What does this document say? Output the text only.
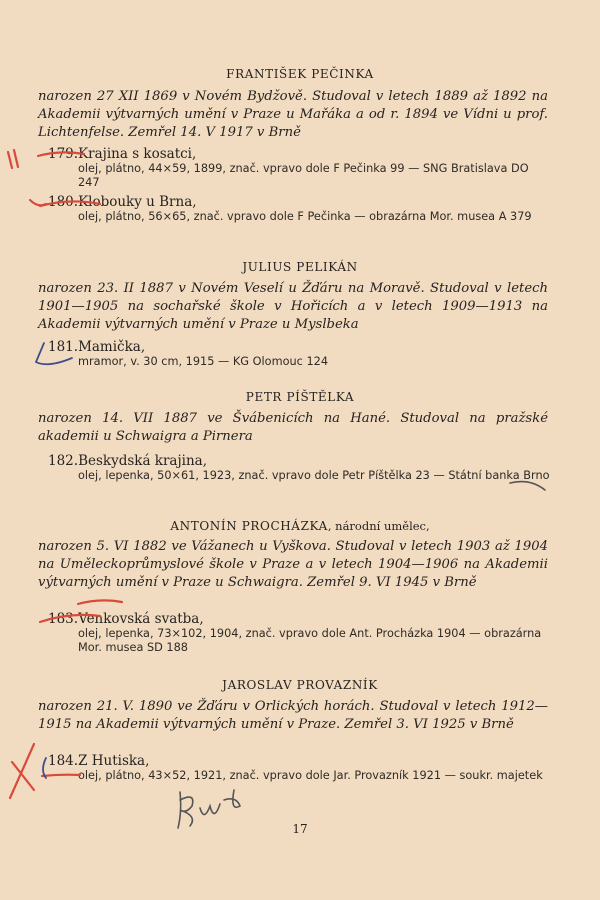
FRANTIŠEK PEČINKA
narozen 27 XII 1869 v Novém Bydžově. Studoval v letech 1889 až 1892 na Akademii výtvarných umění v Praze u Mařáka a od r. 1894 ve Vídni u prof. Lichtenfelse. Zemřel 14. V 1917 v Brně
179.Krajina s kosatci,
olej, plátno, 44×59, 1899, znač. vpravo dole F Pečinka 99 — SNG Bratislava DO 247
180.Klobouky u Brna,
olej, plátno, 56×65, znač. vpravo dole F Pečinka — obrazárna Mor. musea A 379
JULIUS PELIKÁN
narozen 23. II 1887 v Novém Veselí u Žďáru na Moravě. Studoval v letech 1901—1905 na sochařské škole v Hořicích a v letech 1909—1913 na Akademii výtvarných umění v Praze u Myslbeka
181.Mamička,
mramor, v. 30 cm, 1915 — KG Olomouc 124
PETR PÍŠTĚLKA
narozen 14. VII 1887 ve Švábenicích na Hané. Studoval na pražské akademii u Schwaigra a Pirnera
182.Beskydská krajina,
olej, lepenka, 50×61, 1923, znač. vpravo dole Petr Píštělka 23 — Státní banka Brno
ANTONÍN PROCHÁZKA, národní umělec,
narozen 5. VI 1882 ve Vážanech u Vyškova. Studoval v letech 1903 až 1904 na Uměleckoprůmyslové škole v Praze a v letech 1904—1906 na Akademii výtvarných umění v Praze u Schwaigra. Zemřel 9. VI 1945 v Brně
183.Venkovská svatba,
olej, lepenka, 73×102, 1904, znač. vpravo dole Ant. Procházka 1904 — obrazárna Mor. musea SD 188
JAROSLAV PROVAZNÍK
narozen 21. V. 1890 ve Žďáru v Orlických horách. Studoval v letech 1912—1915 na Akademii výtvarných umění v Praze. Zemřel 3. VI 1925 v Brně
184.Z Hutiska,
olej, plátno, 43×52, 1921, znač. vpravo dole Jar. Provazník 1921 — soukr. majetek
17
